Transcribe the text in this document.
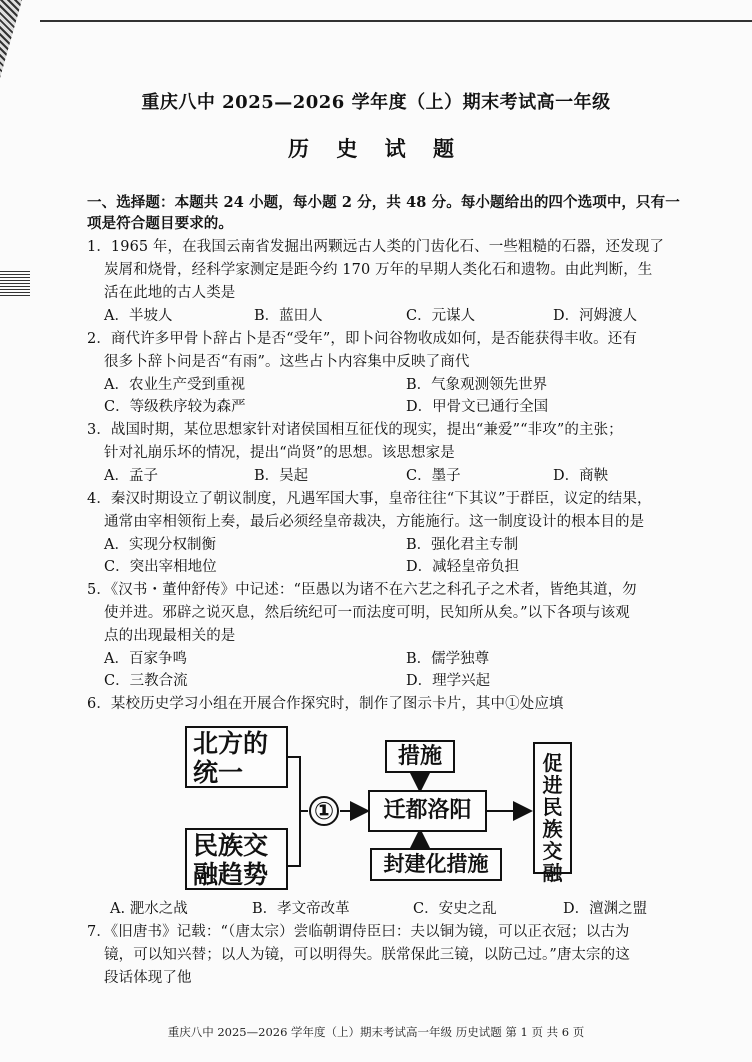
重庆八中 2025—2026 学年度（上）期末考试高一年级
历 史 试 题
一、选择题：本题共 24 小题，每小题 2 分，共 48 分。每小题给出的四个选项中，只有一
项是符合题目要求的。
1．1965 年，在我国云南省发掘出两颗远古人类的门齿化石、一些粗糙的石器，还发现了
炭屑和烧骨，经科学家测定是距今约 170 万年的早期人类化石和遗物。由此判断，生
活在此地的古人类是
A．半坡人	B．蓝田人	C．元谋人	D．河姆渡人
2．商代许多甲骨卜辞占卜是否“受年”，即卜问谷物收成如何，是否能获得丰收。还有
很多卜辞卜问是否“有雨”。这些占卜内容集中反映了商代
A．农业生产受到重视	B．气象观测领先世界
C．等级秩序较为森严	D．甲骨文已通行全国
3．战国时期，某位思想家针对诸侯国相互征伐的现实，提出“兼爱”“非攻”的主张；
针对礼崩乐坏的情况，提出“尚贤”的思想。该思想家是
A．孟子	B．吴起	C．墨子	D．商鞅
4．秦汉时期设立了朝议制度，凡遇军国大事，皇帝往往“下其议”于群臣，议定的结果，
通常由宰相领衔上奏，最后必须经皇帝裁决，方能施行。这一制度设计的根本目的是
A．实现分权制衡	B．强化君主专制
C．突出宰相地位	D．减轻皇帝负担
5．《汉书・董仲舒传》中记述：“臣愚以为诸不在六艺之科孔子之术者，皆绝其道，勿
使并进。邪辟之说灭息，然后统纪可一而法度可明，民知所从矣。”以下各项与该观
点的出现最相关的是
A．百家争鸣	B．儒学独尊
C．三教合流	D．理学兴起
6．某校历史学习小组在开展合作探究时，制作了图示卡片，其中①处应填
北方的
统一
民族交
融趋势
①
措施
迁都洛阳
封建化措施
促进民族交融
A. 淝水之战	B．孝文帝改革	C．安史之乱	D．澶渊之盟
7．《旧唐书》记载：“（唐太宗）尝临朝谓侍臣曰：夫以铜为镜，可以正衣冠；以古为
镜，可以知兴替；以人为镜，可以明得失。朕常保此三镜，以防己过。”唐太宗的这
段话体现了他
重庆八中 2025—2026 学年度（上）期末考试高一年级 历史试题 第 1 页 共 6 页
